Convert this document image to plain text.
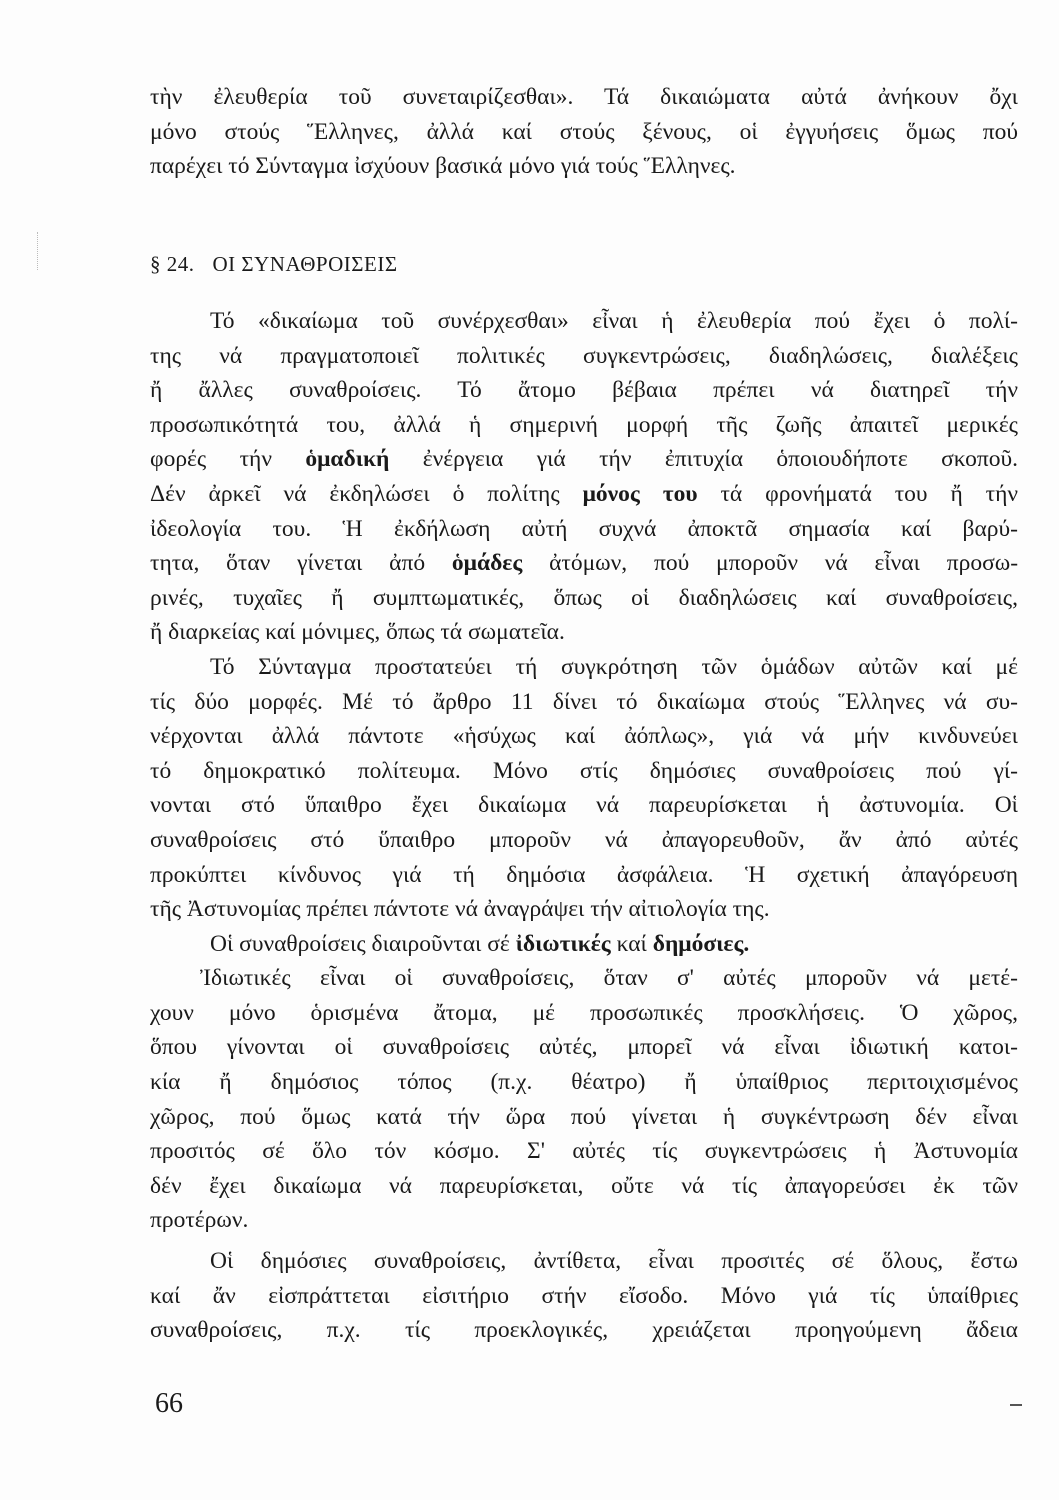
τὴν ἐλευθερία τοῦ συνεταιρίζεσθαι». Τά δικαιώματα αὐτά ἀνήκουν ὄχι
μόνο στούς Ἕλληνες, ἀλλά καί στούς ξένους, οἱ ἐγγυήσεις ὅμως πού
παρέχει τό Σύνταγμα ἰσχύουν βασικά μόνο γιά τούς Ἕλληνες.
§ 24. ΟΙ ΣΥΝΑΘΡΟΙΣΕΙΣ
Τό «δικαίωμα τοῦ συνέρχεσθαι» εἶναι ἡ ἐλευθερία πού ἔχει ὁ πολί-
της νά πραγματοποιεῖ πολιτικές συγκεντρώσεις, διαδηλώσεις, διαλέξεις
ἤ ἄλλες συναθροίσεις. Τό ἄτομο βέβαια πρέπει νά διατηρεῖ τήν
προσωπικότητά του, ἀλλά ἡ σημερινή μορφή τῆς ζωῆς ἀπαιτεῖ μερικές
φορές τήν ὁμαδική ἐνέργεια γιά τήν ἐπιτυχία ὁποιουδήποτε σκοποῦ.
Δέν ἀρκεῖ νά ἐκδηλώσει ὁ πολίτης μόνος του τά φρονήματά του ἤ τήν
ἰδεολογία του. Ἡ ἐκδήλωση αὐτή συχνά ἀποκτᾶ σημασία καί βαρύ-
τητα, ὅταν γίνεται ἀπό ὁμάδες ἀτόμων, πού μποροῦν νά εἶναι προσω-
ρινές, τυχαῖες ἤ συμπτωματικές, ὅπως οἱ διαδηλώσεις καί συναθροίσεις,
ἤ διαρκείας καί μόνιμες, ὅπως τά σωματεῖα.
Τό Σύνταγμα προστατεύει τή συγκρότηση τῶν ὁμάδων αὐτῶν καί μέ
τίς δύο μορφές. Μέ τό ἄρθρο 11 δίνει τό δικαίωμα στούς Ἕλληνες νά συ-
νέρχονται ἀλλά πάντοτε «ἡσύχως καί ἀόπλως», γιά νά μήν κινδυνεύει
τό δημοκρατικό πολίτευμα. Μόνο στίς δημόσιες συναθροίσεις πού γί-
νονται στό ὕπαιθρο ἔχει δικαίωμα νά παρευρίσκεται ἡ ἀστυνομία. Οἱ
συναθροίσεις στό ὕπαιθρο μποροῦν νά ἀπαγορευθοῦν, ἄν ἀπό αὐτές
προκύπτει κίνδυνος γιά τή δημόσια ἀσφάλεια. Ἡ σχετική ἀπαγόρευση
τῆς Ἀστυνομίας πρέπει πάντοτε νά ἀναγράψει τήν αἰτιολογία της.
Οἱ συναθροίσεις διαιροῦνται σέ ἰδιωτικές καί δημόσιες.
Ἰδιωτικές εἶναι οἱ συναθροίσεις, ὅταν σ' αὐτές μποροῦν νά μετέ-
χουν μόνο ὁρισμένα ἄτομα, μέ προσωπικές προσκλήσεις. Ὁ χῶρος,
ὅπου γίνονται οἱ συναθροίσεις αὐτές, μπορεῖ νά εἶναι ἰδιωτική κατοι-
κία ἤ δημόσιος τόπος (π.χ. θέατρο) ἤ ὑπαίθριος περιτοιχισμένος
χῶρος, πού ὅμως κατά τήν ὥρα πού γίνεται ἡ συγκέντρωση δέν εἶναι
προσιτός σέ ὅλο τόν κόσμο. Σ' αὐτές τίς συγκεντρώσεις ἡ Ἀστυνομία
δέν ἔχει δικαίωμα νά παρευρίσκεται, οὔτε νά τίς ἀπαγορεύσει ἐκ τῶν
προτέρων.
Οἱ δημόσιες συναθροίσεις, ἀντίθετα, εἶναι προσιτές σέ ὅλους, ἔστω
καί ἄν εἰσπράττεται εἰσιτήριο στήν εἴσοδο. Μόνο γιά τίς ὑπαίθριες
συναθροίσεις, π.χ. τίς προεκλογικές, χρειάζεται προηγούμενη ἄδεια
66
